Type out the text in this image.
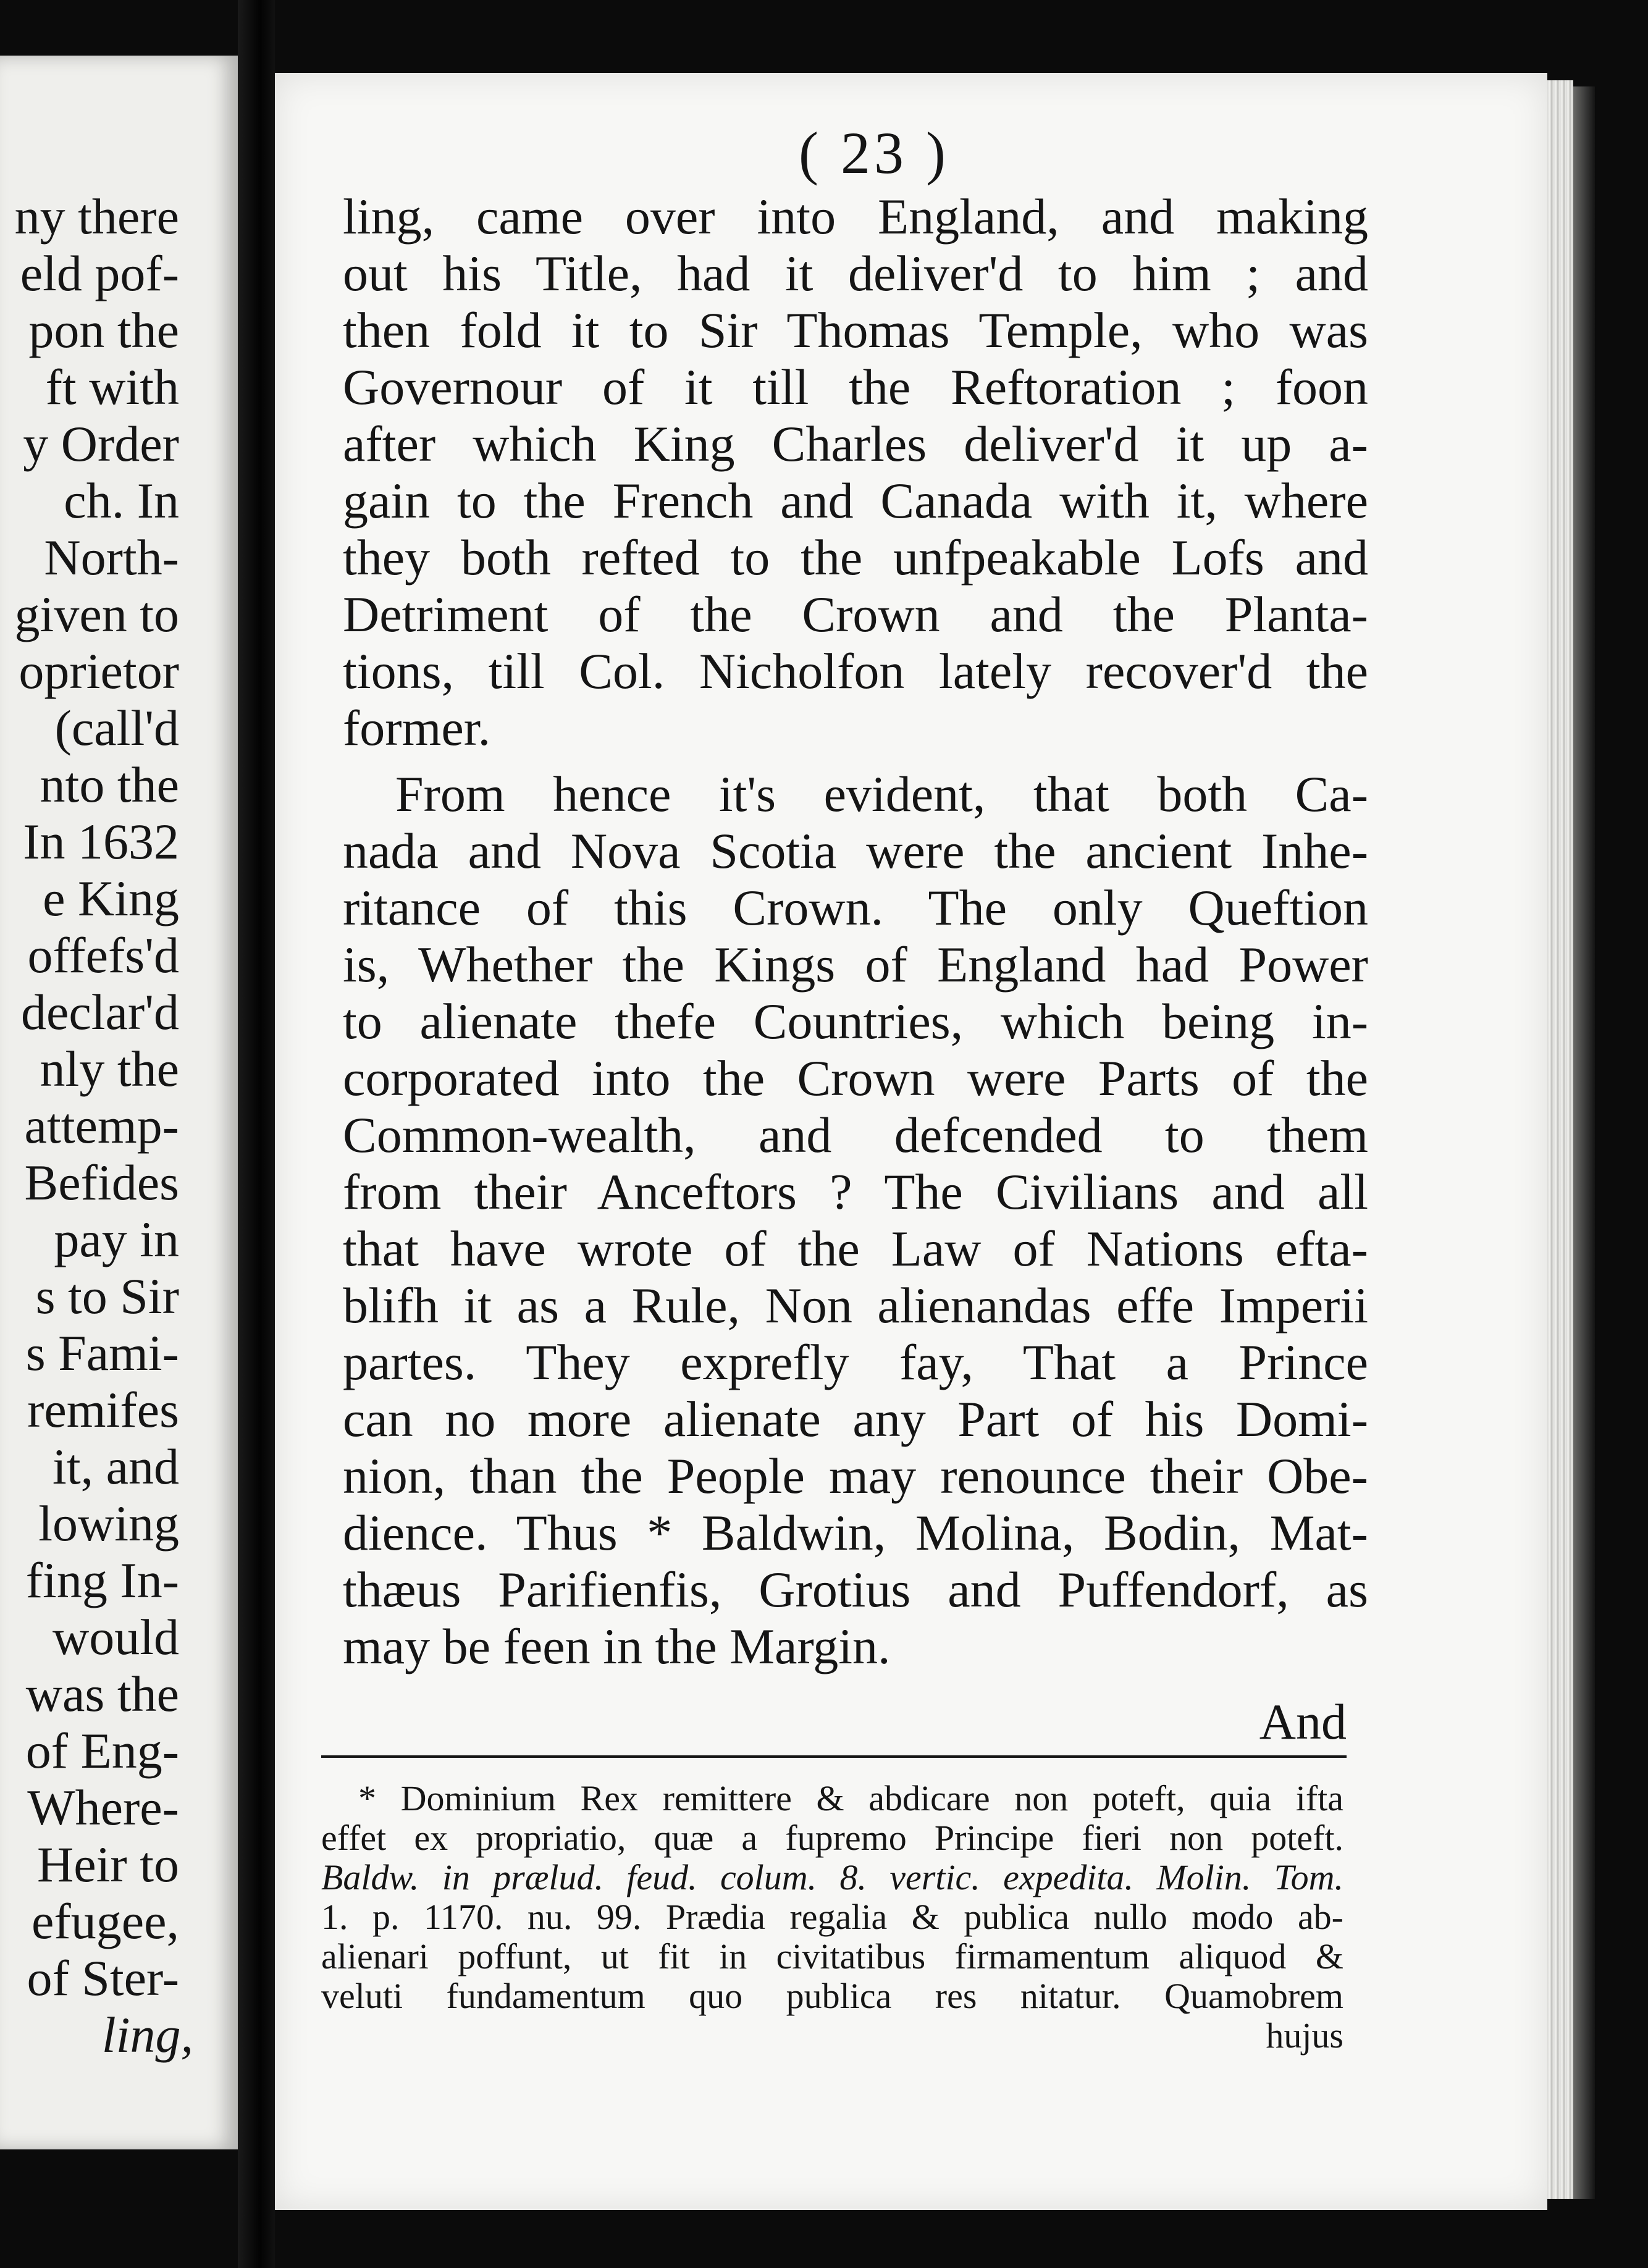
ny there
eld pof-
pon the
ft with
y Order
ch. In
North-
given to
oprietor
(call'd
nto the
In 1632
e King
offefs'd
declar'd
nly the
attemp-
Befides
pay in
s to Sir
s Fami-
remifes
it, and
lowing
fing In-
would
was the
of Eng-
Where-
Heir to
efugee,
of Ster-
ling,
( 23 )
ling, came over into England, and making
out his Title, had it deliver'd to him ; and
then fold it to Sir Thomas Temple, who was
Governour of it till the Reftoration ; foon
after which King Charles deliver'd it up a-
gain to the French and Canada with it, where
they both refted to the unfpeakable Lofs and
Detriment of the Crown and the Planta-
tions, till Col. Nicholfon lately recover'd the
former.
From hence it's evident, that both Ca-
nada and Nova Scotia were the ancient Inhe-
ritance of this Crown. The only Queftion
is, Whether the Kings of England had Power
to alienate thefe Countries, which being in-
corporated into the Crown were Parts of the
Common-wealth, and defcended to them
from their Anceftors ? The Civilians and all
that have wrote of the Law of Nations efta-
blifh it as a Rule, Non alienandas effe Imperii
partes. They exprefly fay, That a Prince
can no more alienate any Part of his Domi-
nion, than the People may renounce their Obe-
dience. Thus * Baldwin, Molina, Bodin, Mat-
thæus Parifienfis, Grotius and Puffendorf, as
may be feen in the Margin.
And
* Dominium Rex remittere & abdicare non poteft, quia ifta
effet ex propriatio, quæ a fupremo Principe fieri non poteft.
Baldw. in prælud. feud. colum. 8. vertic. expedita. Molin. Tom.
1. p. 1170. nu. 99. Prædia regalia & publica nullo modo ab-
alienari poffunt, ut fit in civitatibus firmamentum aliquod &
veluti fundamentum quo publica res nitatur. Quamobrem
hujus
